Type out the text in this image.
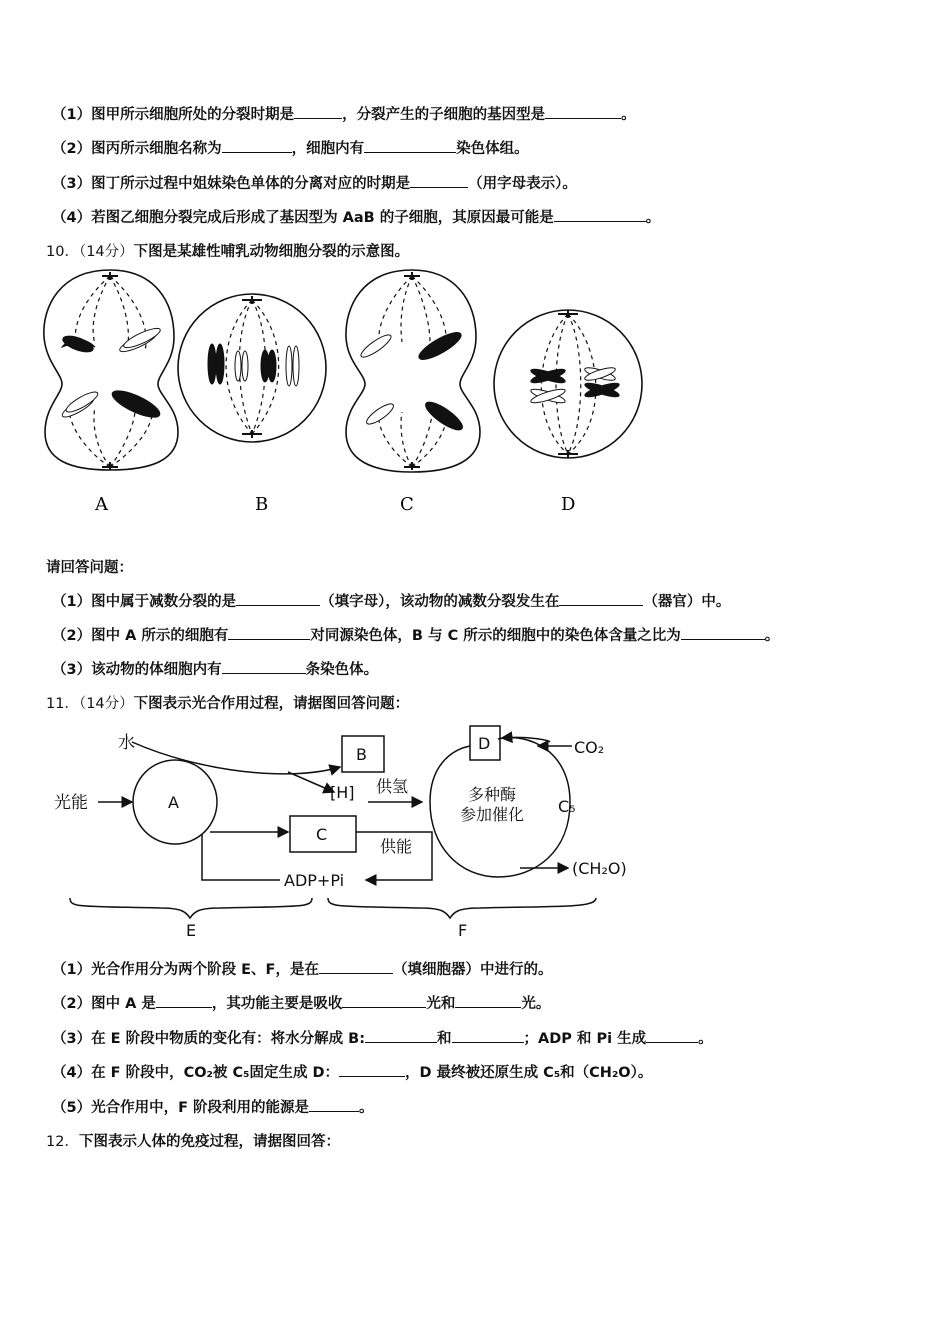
（1）图甲所示细胞所处的分裂时期是	，分裂产生的子细胞的基因型是	。
（2）图丙所示细胞名称为	，细胞内有	染色体组。
（3）图丁所示过程中姐妹染色单体的分离对应的时期是	（用字母表示）。
（4）若图乙细胞分裂完成后形成了基因型为 AaB 的子细胞，其原因最可能是	。
10．（14分）下图是某雄性哺乳动物细胞分裂的示意图。
A	B	C	D
请回答问题：
（1）图中属于减数分裂的是	（填字母），该动物的减数分裂发生在	（器官）中。
（2）图中 A 所示的细胞有	对同源染色体，B 与 C 所示的细胞中的染色体含量之比为	。
（3）该动物的体细胞内有	条染色体。
11．（14分）下图表示光合作用过程，请据图回答问题：
水
光能	A
B
C
D
[H] 供氢
供能
ADP+Pi
CO₂
C₅
(CH₂O)
多种酶
参加催化
E	F
（1）光合作用分为两个阶段 E、F，是在	（填细胞器）中进行的。
（2）图中 A 是	，其功能主要是吸收	光和	光。
（3）在 E 阶段中物质的变化有：将水分解成 B:	和	；ADP 和 Pi 生成	。
（4）在 F 阶段中，CO₂被 C₅固定生成 D：	，D 最终被还原生成 C₅和（CH₂O）。
（5）光合作用中，F 阶段利用的能源是	。
12．下图表示人体的免疫过程，请据图回答：
